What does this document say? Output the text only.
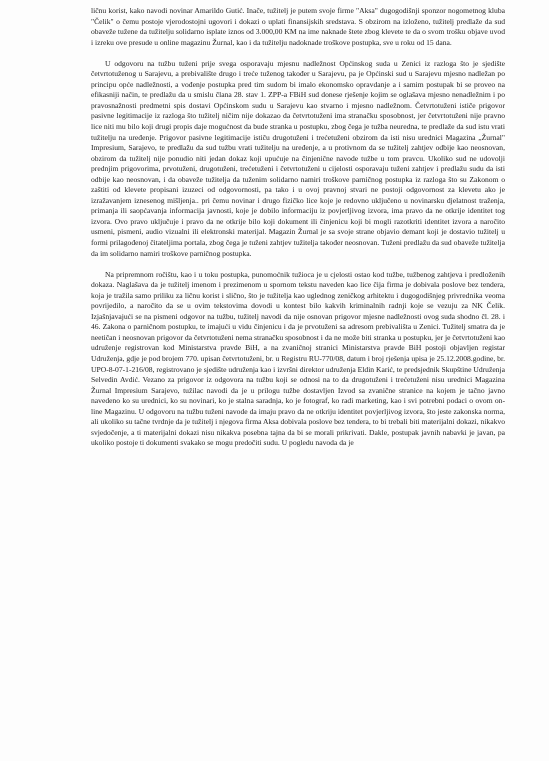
ličnu korist, kako navodi novinar Amarildo Gutić. Inače, tužitelj je putem svoje firme "Aksa" dugogodišnji sponzor nogometnog kluba "Čelik" o čemu postoje vjerodostojni ugovori i dokazi o uplati finansijskih sredstava. S obzirom na izloženo, tužitelj predlaže da sud obaveže tužene da tužitelju solidarno isplate iznos od 3.000,00 KM na ime naknade štete zbog klevete te da o svom trošku objave uvod i izreku ove presude u online magazinu Žurnal, kao i da tužitelju nadoknade troškove postupka, sve u roku od 15 dana.

U odgovoru na tužbu tuženi prije svega osporavaju mjesnu nadležnost Općinskog suda u Zenici iz razloga što je sjedište četvrtotuženog u Sarajevu, a prebivalište drugo i treće tuženog također u Sarajevu, pa je Općinski sud u Sarajevu mjesno nadležan po principu opće nadležnosti, a vođenje postupka pred tim sudom bi imalo ekonomsko opravdanje a i samim postupak bi se proveo na efikasniji način, te predlažu da u smislu člana 28. stav 1. ZPP-a FBiH sud donese rješenje kojim se oglašava mjesno nenadležnim i po pravosnažnosti predmetni spis dostavi Općinskom sudu u Sarajevu kao stvarno i mjesno nadležnom. Četvrtotuženi ističe prigovor pasivne legitimacije iz razloga što tužitelj ničim nije dokazao da četvrtotuženi ima stranačku sposobnost, jer četvrtotuženi nije pravno lice niti mu bilo koji drugi propis daje mogućnost da bude stranka u postupku, zbog čega je tužba neuredna, te predlaže da sud istu vrati tužitelju na uređenje. Prigovor pasivne legitimacije ističu drugotuženi i trećetuženi obzirom da isti nisu urednici Magazina „Žurnal" Impresium, Sarajevo, te predlažu da sud tužbu vrati tužitelju na uređenje, a u protivnom da se tužitelj zahtjev odbije kao neosnovan, obzirom da tužitelj nije ponudio niti jedan dokaz koji upućuje na činjenične navode tužbe u tom pravcu. Ukoliko sud ne udovolji prednjim prigovorima, prvotuženi, drugotuženi, trećetuženi i četvrtotuženi u cijelosti osporavaju tuženi zahtjev i predlažu sudu da isti odbije kao neosnovan, i da obaveže tužitelja da tuženim solidarno namiri troškove parničnog postupka iz razloga što su Zakonom o zaštiti od klevete propisani izuzeci od odgovornosti, pa tako i u ovoj pravnoj stvari ne postoji odgovornost za klevetu ako je izražavanjem iznesenog mišljenja.. pri čemu novinar i drugo fizičko lice koje je redovno uključeno u novinarsku djelatnost traženja, primanja ili saopćavanja informacija javnosti, koje je dobilo informaciju iz povjerljivog izvora, ima pravo da ne otkrije identitet tog izvora. Ovo pravo uključuje i pravo da ne otkrije bilo koji dokument ili činjenicu koji bi mogli razotkriti identitet izvora a naročito usmeni, pismeni, audio vizualni ili elektronski materijal. Magazin Žurnal je sa svoje strane objavio demant koji je dostavio tužitelj u formi prilagođenoj čitateljima portala, zbog čega je tuženi zahtjev tužitelja također neosnovan. Tuženi predlažu da sud obaveže tužitelja da im solidarno namiri troškove parničnog postupka.

Na pripremnom ročištu, kao i u toku postupka, punomoćnik tužioca je u cjelosti ostao kod tužbe, tužbenog zahtjeva i predloženih dokaza. Naglašava da je tužitelj imenom i prezimenom u spornom tekstu naveden kao lice čija firma je dobivala poslove bez tendera, koja je tražila samo priliku za ličnu korist i slično, što je tužitelja kao uglednog zeničkog arhitektu i dugogodišnjeg privrednika veoma povrijedilo, a naročito da se u ovim tekstovima dovodi u kontest bilo kakvih kriminalnih radnji koje se vezuju za NK Čelik. Izjašnjavajući se na pismeni odgovor na tužbu, tužitelj navodi da nije osnovan prigovor mjesne nadležnosti ovog suda shodno čl. 28. i 46. Zakona o parničnom postupku, te imajući u vidu činjenicu i da je prvotuženi sa adresom prebivališta u Zenici. Tužitelj smatra da je neetičan i neosnovan prigovor da četvrtotuženi nema stranačku sposobnost i da ne može biti stranka u postupku, jer je četvrtotuženi kao udruženje registrovan kod Ministarstva pravde BiH, a na zvaničnoj stranici Ministarstva pravde BiH postoji objavljen registar Udruženja, gdje je pod brojem 770. upisan četvrtotuženi, br. u Registru RU-770/08, datum i broj rješenja upisa je 25.12.2008.godine, br. UPO-8-07-1-216/08, registrovano je sjedište udruženja kao i izvršni direktor udruženja Eldin Karić, te predsjednik Skupštine Udruženja Selvedin Avdić. Vezano za prigovor iz odgovora na tužbu koji se odnosi na to da drugotuženi i trećetuženi nisu urednici Magazina Žurnal Impresium Sarajevo, tužilac navodi da je u prilogu tužbe dostavljen Izvod sa zvanične stranice na kojem je tačno javno navedeno ko su urednici, ko su novinari, ko je stalna saradnja, ko je fotograf, ko radi marketing, kao i svi potrebni podaci o ovom on-line Magazinu. U odgovoru na tužbu tuženi navode da imaju pravo da ne otkriju identitet povjerljivog izvora, što jeste zakonska norma, ali ukoliko su tačne tvrdnje da je tužitelj i njegova firma Aksa dobivala poslove bez tendera, to bi trebali biti materijalni dokazi, nikakvo svjedočenje, a ti materijalni dokazi nisu nikakva posebna tajna da bi se morali prikrivati. Dakle, postupak javnih nabavki je javan, pa ukoliko postoje ti dokumenti svakako se mogu predočiti sudu. U pogledu navoda da je
